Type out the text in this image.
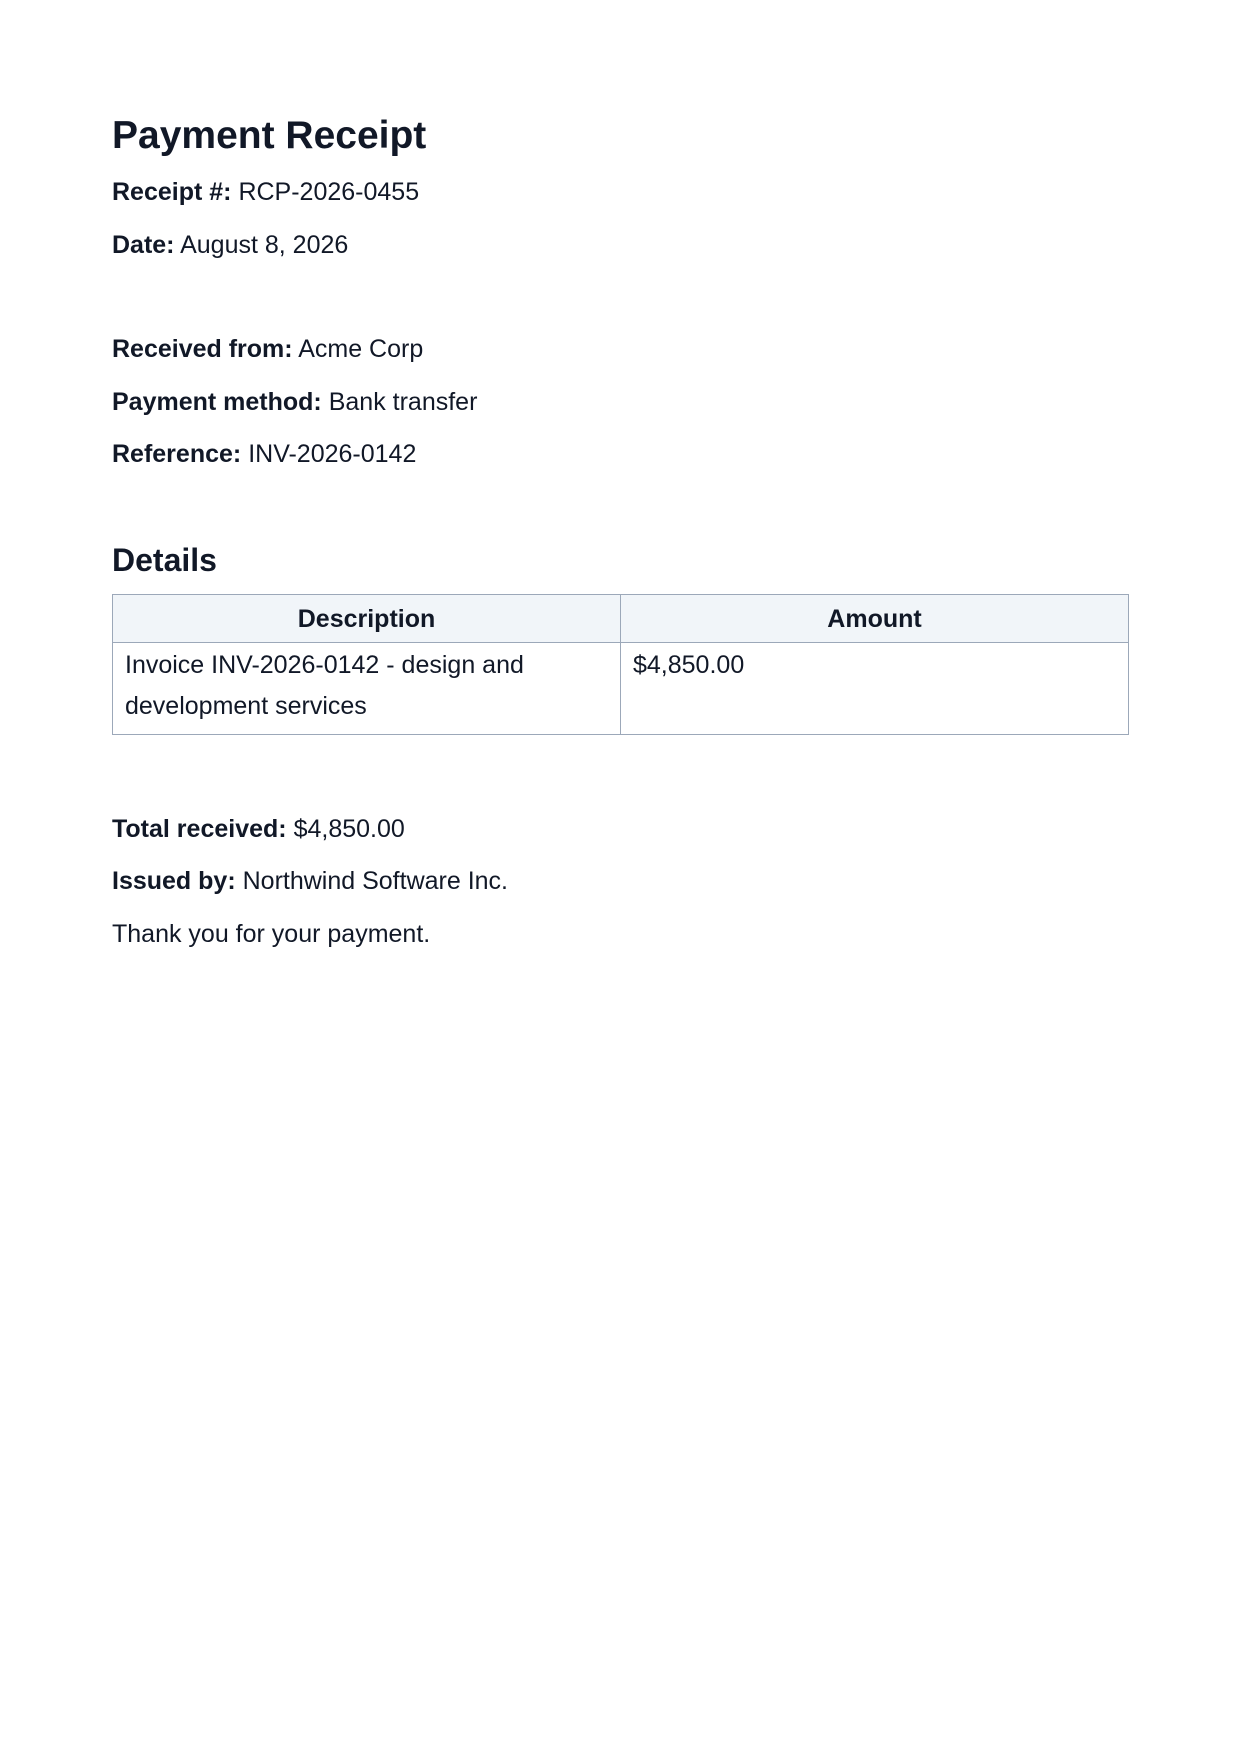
Payment Receipt

Receipt #: RCP-2026-0455

Date: August 8, 2026

Received from: Acme Corp

Payment method: Bank transfer

Reference: INV-2026-0142

Details
Description	Amount
Invoice INV-2026-0142 - design and development services	$4,850.00

Total received: $4,850.00

Issued by: Northwind Software Inc.

Thank you for your payment.
